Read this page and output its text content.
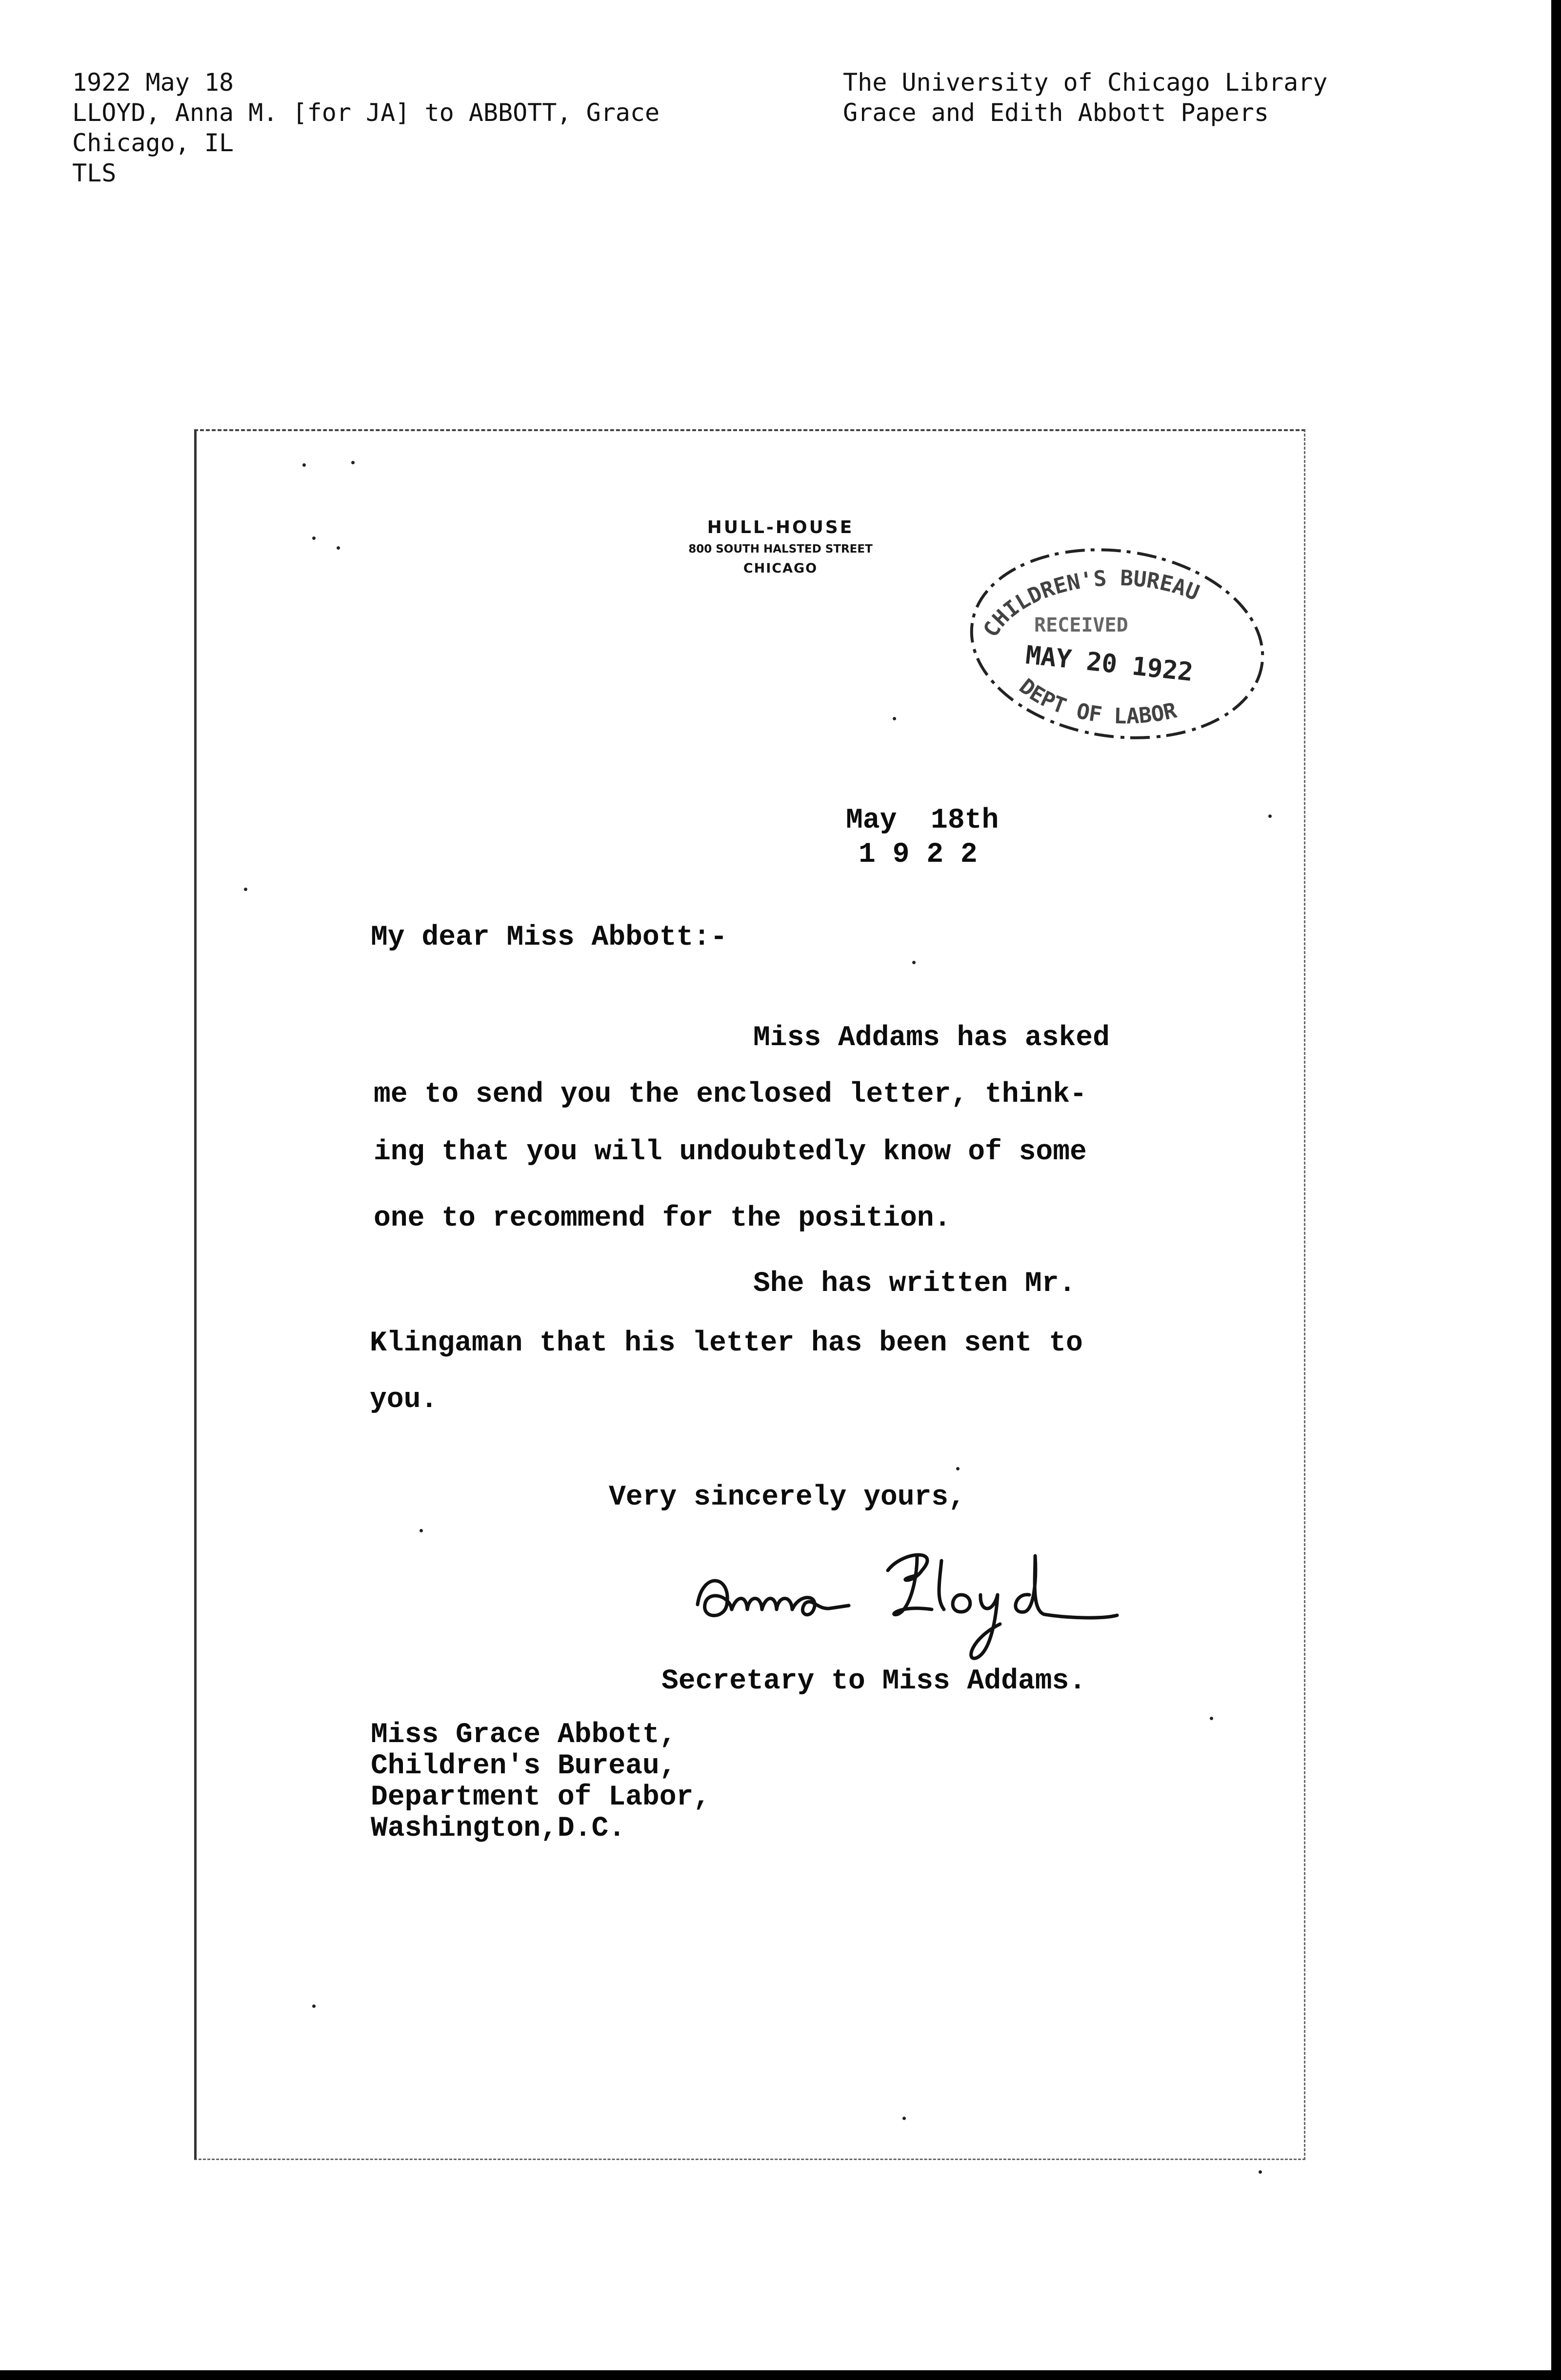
1922 May 18
LLOYD, Anna M. [for JA] to ABBOTT, Grace
Chicago, IL
TLS
The University of Chicago Library
Grace and Edith Abbott Papers
HULL-HOUSE
800 SOUTH HALSTED STREET
CHICAGO
CHILDREN'S BUREAU
RECEIVED
MAY 20 1922
DEPT OF LABOR
May  18th
1 9 2 2
My dear Miss Abbott:-
Miss Addams has asked
me to send you the enclosed letter, think-
ing that you will undoubtedly know of some
one to recommend for the position.
She has written Mr.
Klingaman that his letter has been sent to
you.
Very sincerely yours,
Secretary to Miss Addams.
Miss Grace Abbott,
Children's Bureau,
Department of Labor,
Washington,D.C.
